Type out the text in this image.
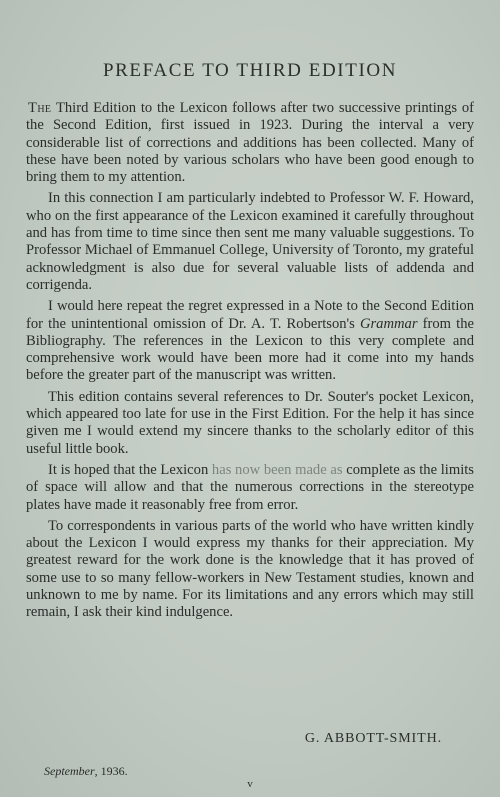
PREFACE TO THIRD EDITION

The Third Edition to the Lexicon follows after two successive printings of the Second Edition, first issued in 1923. During the interval a very considerable list of corrections and additions has been collected. Many of these have been noted by various scholars who have been good enough to bring them to my attention.

In this connection I am particularly indebted to Professor W. F. Howard, who on the first appearance of the Lexicon examined it carefully throughout and has from time to time since then sent me many valuable suggestions. To Professor Michael of Emmanuel College, University of Toronto, my grateful acknowledgment is also due for several valuable lists of addenda and corrigenda.

I would here repeat the regret expressed in a Note to the Second Edition for the unintentional omission of Dr. A. T. Robertson's Grammar from the Bibliography. The references in the Lexicon to this very complete and comprehensive work would have been more had it come into my hands before the greater part of the manuscript was written.

This edition contains several references to Dr. Souter's pocket Lexicon, which appeared too late for use in the First Edition. For the help it has since given me I would extend my sincere thanks to the scholarly editor of this useful little book.

It is hoped that the Lexicon has now been made as complete as the limits of space will allow and that the numerous corrections in the stereotype plates have made it reasonably free from error.

To correspondents in various parts of the world who have written kindly about the Lexicon I would express my thanks for their appreciation. My greatest reward for the work done is the knowledge that it has proved of some use to so many fellow-workers in New Testament studies, known and unknown to me by name. For its limitations and any errors which may still remain, I ask their kind indulgence.

G. ABBOTT-SMITH.
September, 1936.
v
